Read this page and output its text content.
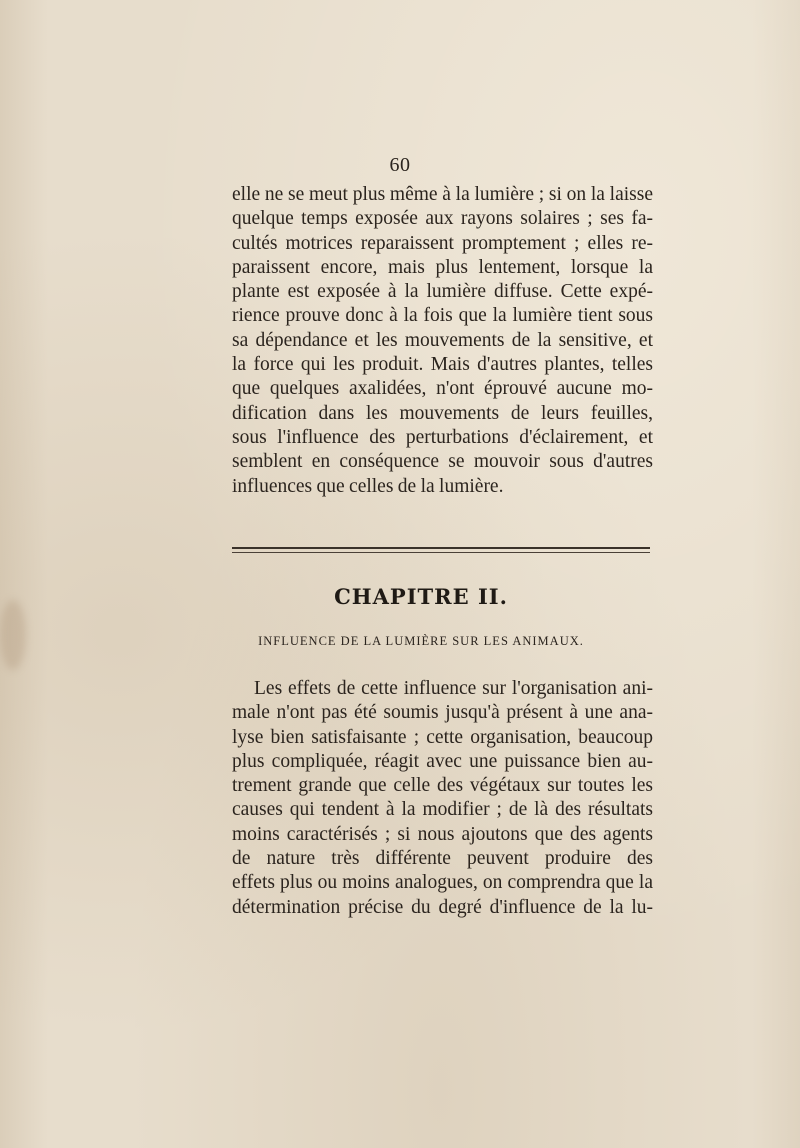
60
elle ne se meut plus même à la lumière ; si on la laisse
quelque temps exposée aux rayons solaires ; ses fa-
cultés motrices reparaissent promptement ; elles re-
paraissent encore, mais plus lentement, lorsque la
plante est exposée à la lumière diffuse. Cette expé-
rience prouve donc à la fois que la lumière tient sous
sa dépendance et les mouvements de la sensitive, et
la force qui les produit. Mais d'autres plantes, telles
que quelques axalidées, n'ont éprouvé aucune mo-
dification dans les mouvements de leurs feuilles,
sous l'influence des perturbations d'éclairement, et
semblent en conséquence se mouvoir sous d'autres
influences que celles de la lumière.
CHAPITRE II.
INFLUENCE DE LA LUMIÈRE SUR LES ANIMAUX.
Les effets de cette influence sur l'organisation ani-
male n'ont pas été soumis jusqu'à présent à une ana-
lyse bien satisfaisante ; cette organisation, beaucoup
plus compliquée, réagit avec une puissance bien au-
trement grande que celle des végétaux sur toutes les
causes qui tendent à la modifier ; de là des résultats
moins caractérisés ; si nous ajoutons que des agents
de nature très différente peuvent produire des
effets plus ou moins analogues, on comprendra que la
détermination précise du degré d'influence de la lu-
